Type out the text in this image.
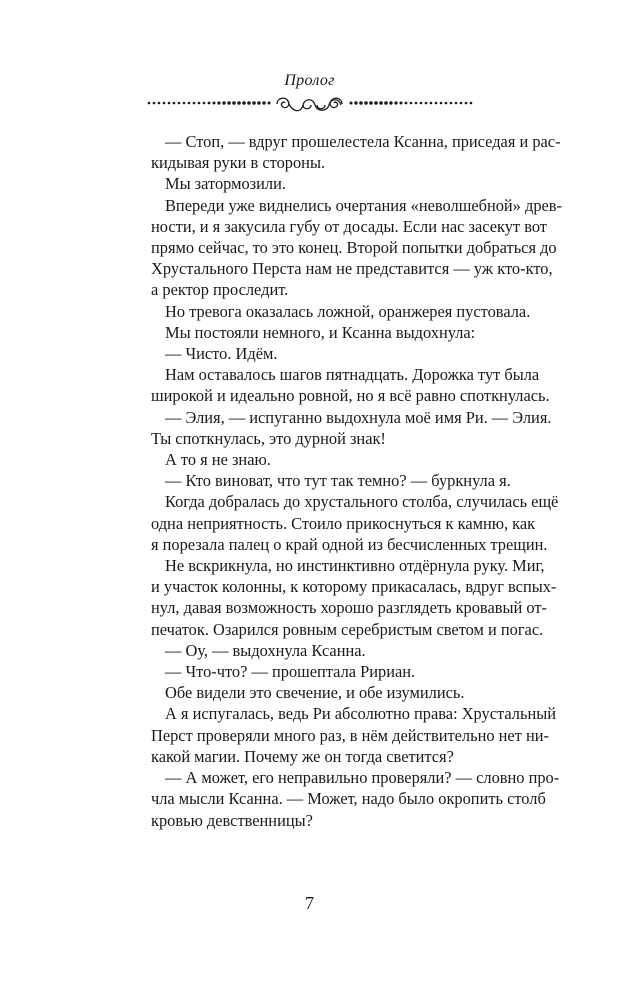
Пролог
— Стоп, — вдруг прошелестела Ксанна, приседая и рас-
кидывая руки в стороны.
Мы затормозили.
Впереди уже виднелись очертания «неволшебной» древ-
ности, и я закусила губу от досады. Если нас засекут вот
прямо сейчас, то это конец. Второй попытки добраться до
Хрустального Перста нам не представится — уж кто-кто,
а ректор проследит.
Но тревога оказалась ложной, оранжерея пустовала.
Мы постояли немного, и Ксанна выдохнула:
— Чисто. Идём.
Нам оставалось шагов пятнадцать. Дорожка тут была
широкой и идеально ровной, но я всё равно споткнулась.
— Элия, — испуганно выдохнула моё имя Ри. — Элия.
Ты споткнулась, это дурной знак!
А то я не знаю.
— Кто виноват, что тут так темно? — буркнула я.
Когда добралась до хрустального столба, случилась ещё
одна неприятность. Стоило прикоснуться к камню, как
я порезала палец о край одной из бесчисленных трещин.
Не вскрикнула, но инстинктивно отдёрнула руку. Миг,
и участок колонны, к которому прикасалась, вдруг вспых-
нул, давая возможность хорошо разглядеть кровавый от-
печаток. Озарился ровным серебристым светом и погас.
— Оу, — выдохнула Ксанна.
— Что-что? — прошептала Ририан.
Обе видели это свечение, и обе изумились.
А я испугалась, ведь Ри абсолютно права: Хрустальный
Перст проверяли много раз, в нём действительно нет ни-
какой магии. Почему же он тогда светится?
— А может, его неправильно проверяли? — словно про-
чла мысли Ксанна. — Может, надо было окропить столб
кровью девственницы?
7
